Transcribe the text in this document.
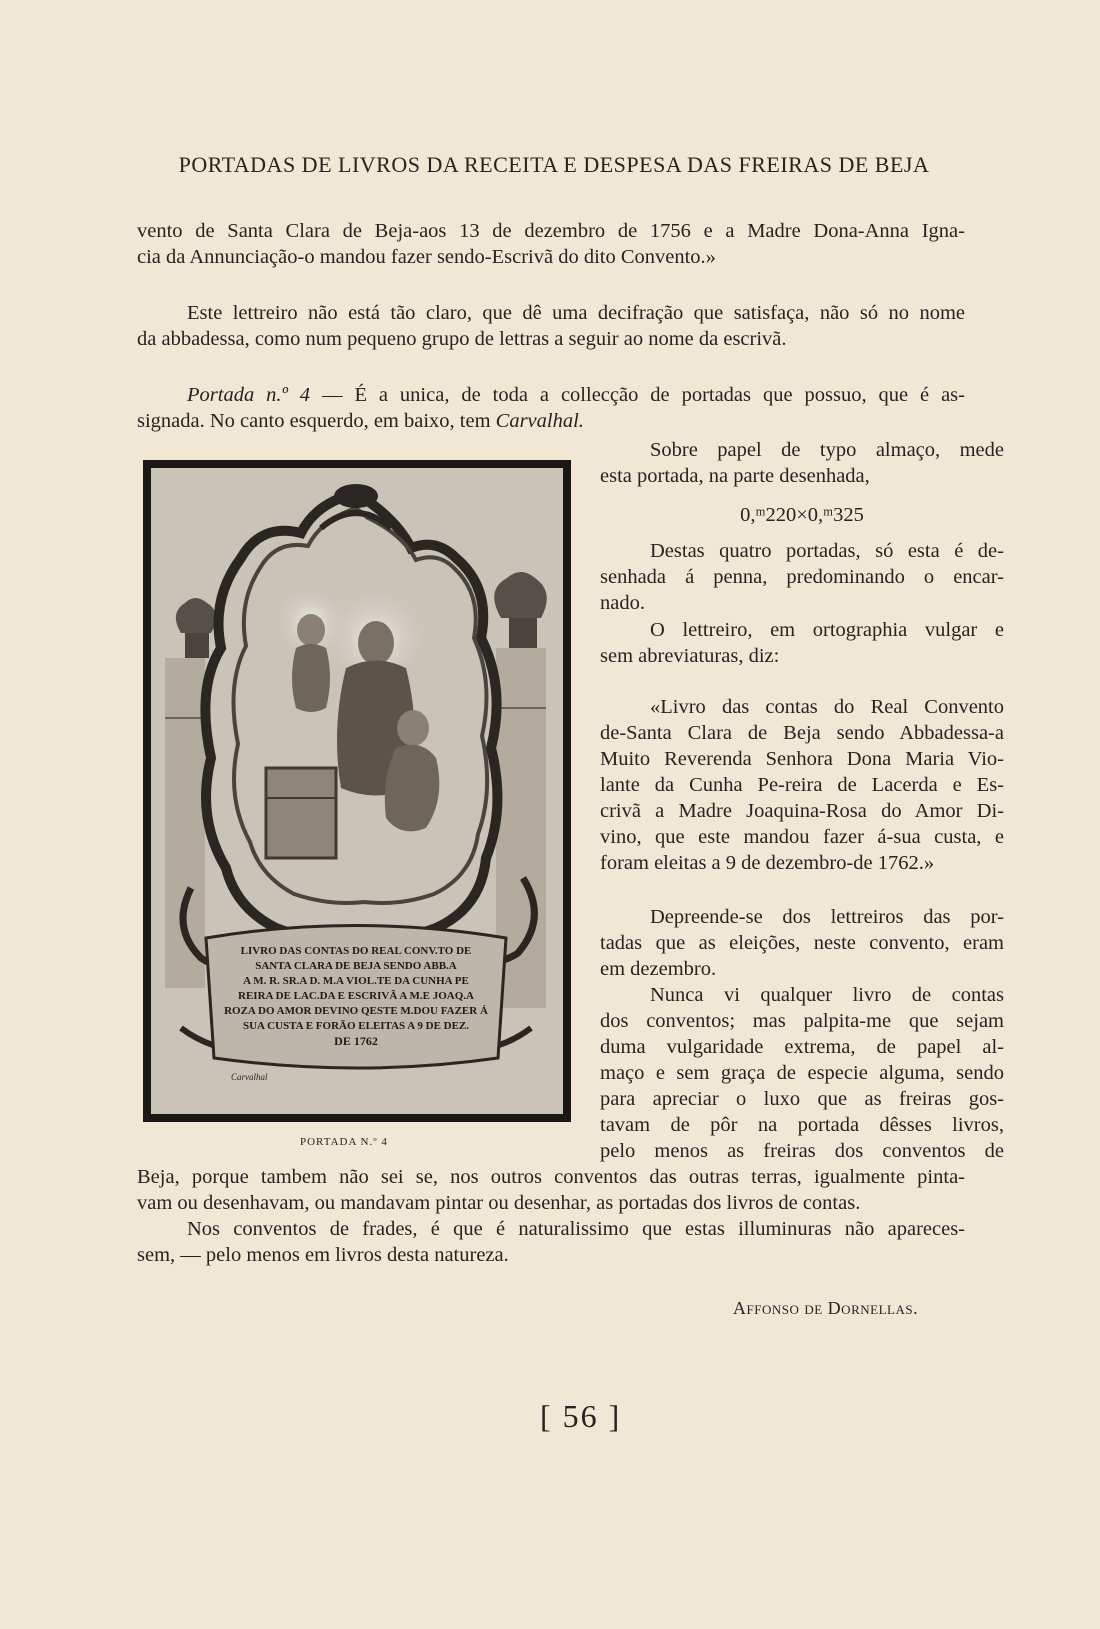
PORTADAS DE LIVROS DA RECEITA E DESPESA DAS FREIRAS DE BEJA
vento de Santa Clara de Beja-aos 13 de dezembro de 1756 e a Madre Dona-Anna Igna-
cia da Annunciação-o mandou fazer sendo-Escrivã do dito Convento.»
Este lettreiro não está tão claro, que dê uma decifração que satisfaça, não só no nome
da abbadessa, como num pequeno grupo de lettras a seguir ao nome da escrivã.
Portada n.º 4 — É a unica, de toda a collecção de portadas que possuo, que é as-
signada. No canto esquerdo, em baixo, tem Carvalhal.
LIVRO DAS CONTAS DO REAL CONV.TO DE
SANTA CLARA DE BEJA SENDO ABB.A
A M. R. SR.A D. M.A VIOL.TE DA CUNHA PE
REIRA DE LAC.DA E ESCRIVÃ A M.E JOAQ.A
ROZA DO AMOR DEVINO QESTE M.DOU FAZER Á
SUA CUSTA E FORÃO ELEITAS A 9 DE DEZ.
DE 1762
Carvalhal
PORTADA N.º 4
Sobre papel de typo almaço, mede
esta portada, na parte desenhada,
0,ᵐ220×0,ᵐ325
Destas quatro portadas, só esta é de-
senhada á penna, predominando o encar-
nado.
O lettreiro, em ortographia vulgar e
sem abreviaturas, diz:
«Livro das contas do Real Convento
de-Santa Clara de Beja sendo Abbadessa-a
Muito Reverenda Senhora Dona Maria Vio-
lante da Cunha Pe-reira de Lacerda e Es-
crivã a Madre Joaquina-Rosa do Amor Di-
vino, que este mandou fazer á-sua custa, e
foram eleitas a 9 de dezembro-de 1762.»
Depreende-se dos lettreiros das por-
tadas que as eleições, neste convento, eram
em dezembro.
Nunca vi qualquer livro de contas
dos conventos; mas palpita-me que sejam
duma vulgaridade extrema, de papel al-
maço e sem graça de especie alguma, sendo
para apreciar o luxo que as freiras gos-
tavam de pôr na portada dêsses livros,
pelo menos as freiras dos conventos de
Beja, porque tambem não sei se, nos outros conventos das outras terras, igualmente pinta-
vam ou desenhavam, ou mandavam pintar ou desenhar, as portadas dos livros de contas.
Nos conventos de frades, é que é naturalissimo que estas illuminuras não apareces-
sem, — pelo menos em livros desta natureza.
Affonso de Dornellas.
[ 56 ]
